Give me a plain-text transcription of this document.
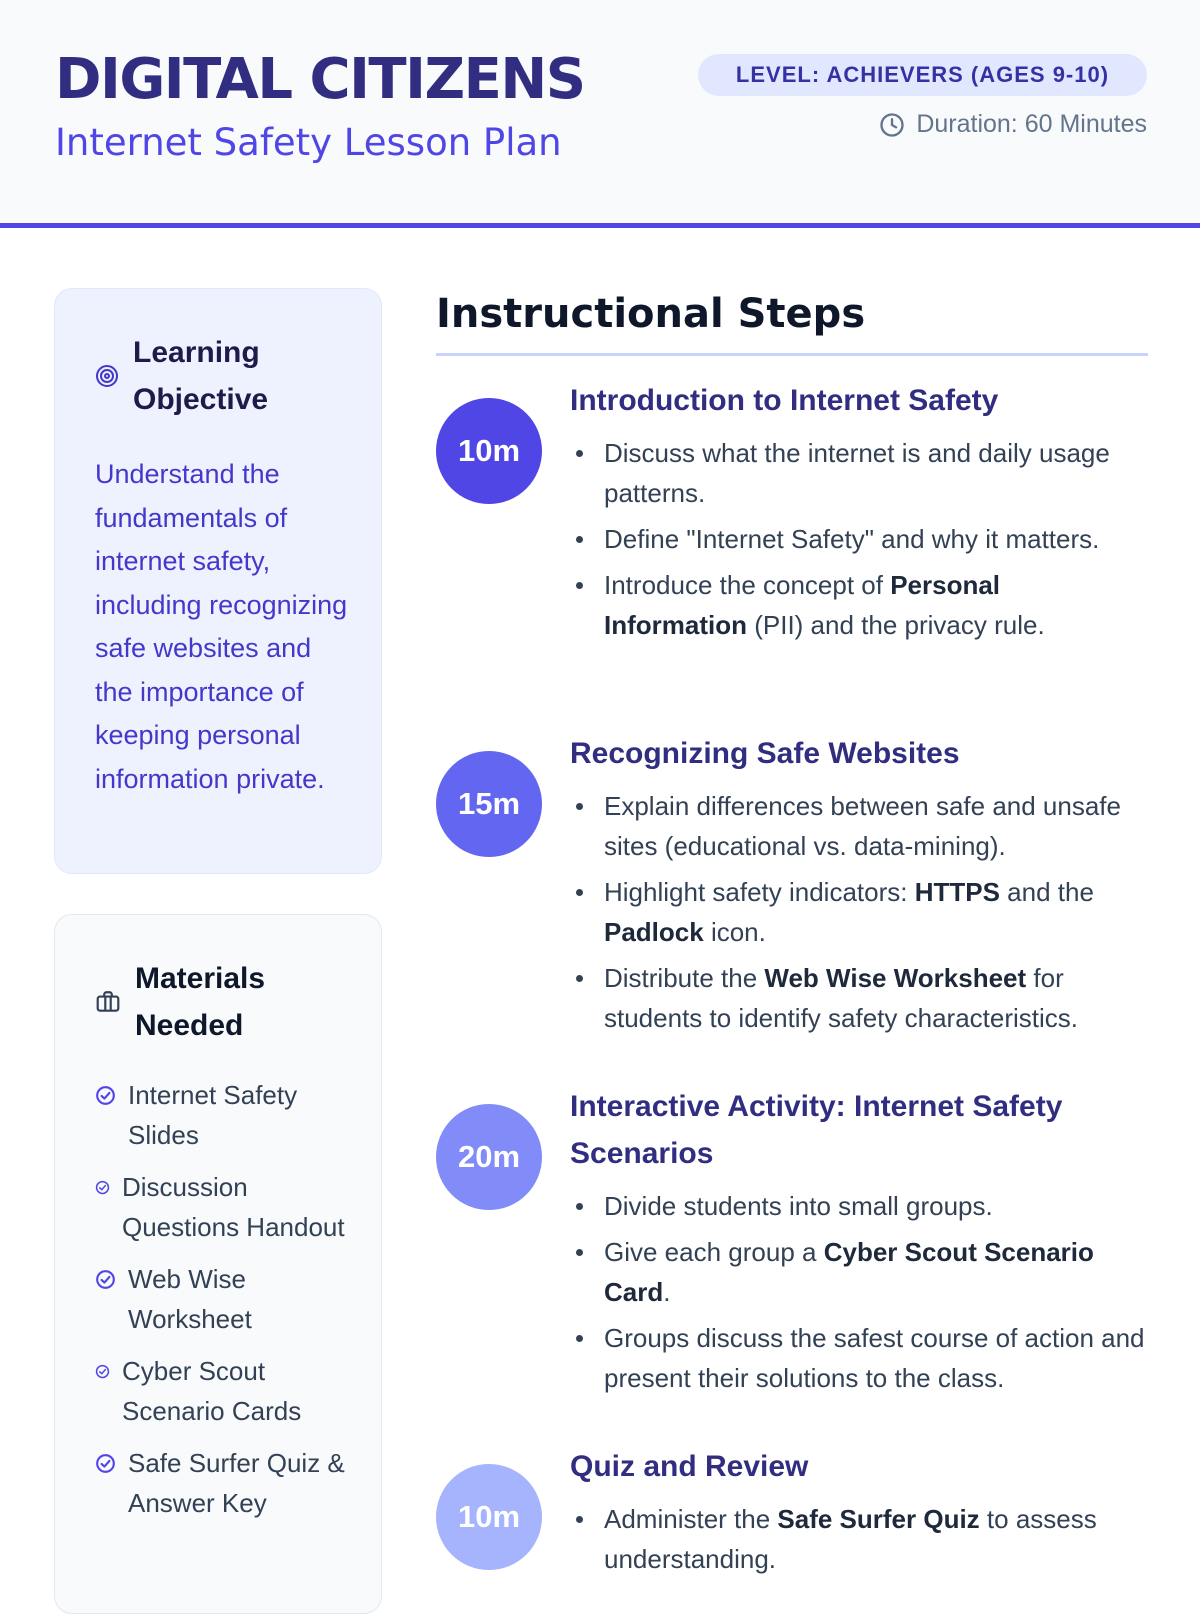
DIGITAL CITIZENS
Internet Safety Lesson Plan
LEVEL: ACHIEVERS (AGES 9-10)
Duration: 60 Minutes
Learning Objective

Understand the fundamentals of internet safety, including recognizing safe websites and the importance of keeping personal information private.

Materials Needed
Internet Safety Slides
Discussion Questions Handout
Web Wise Worksheet
Cyber Scout Scenario Cards
Safe Surfer Quiz & Answer Key
Instructional Steps
10m
Introduction to Internet Safety
Discuss what the internet is and daily usage patterns.
Define "Internet Safety" and why it matters.
Introduce the concept of Personal Information (PII) and the privacy rule.
15m
Recognizing Safe Websites
Explain differences between safe and unsafe sites (educational vs. data-mining).
Highlight safety indicators: HTTPS and the Padlock icon.
Distribute the Web Wise Worksheet for students to identify safety characteristics.
20m
Interactive Activity: Internet Safety Scenarios
Divide students into small groups.
Give each group a Cyber Scout Scenario Card.
Groups discuss the safest course of action and present their solutions to the class.
10m
Quiz and Review
Administer the Safe Surfer Quiz to assess understanding.
